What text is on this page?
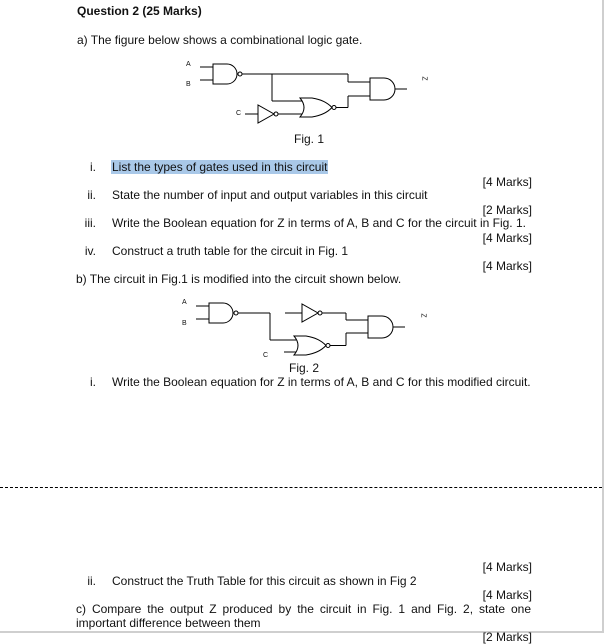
Question 2 (25 Marks)
a) The figure below shows a combinational logic gate.
A
B
C
Z
Fig. 1
i. List the types of gates used in this circuit
[4 Marks]
ii. State the number of input and output variables in this circuit
[2 Marks]
iii. Write the Boolean equation for Z in terms of A, B and C for the circuit in Fig. 1.
[4 Marks]
iv. Construct a truth table for the circuit in Fig. 1
[4 Marks]
b) The circuit in Fig.1 is modified into the circuit shown below.
A
B
C
Z
Fig. 2
i. Write the Boolean equation for Z in terms of A, B and C for this modified circuit.
[4 Marks]
ii. Construct the Truth Table for this circuit as shown in Fig 2
[4 Marks]
c) Compare the output Z produced by the circuit in Fig. 1 and Fig. 2, state one important difference between them
[2 Marks]
